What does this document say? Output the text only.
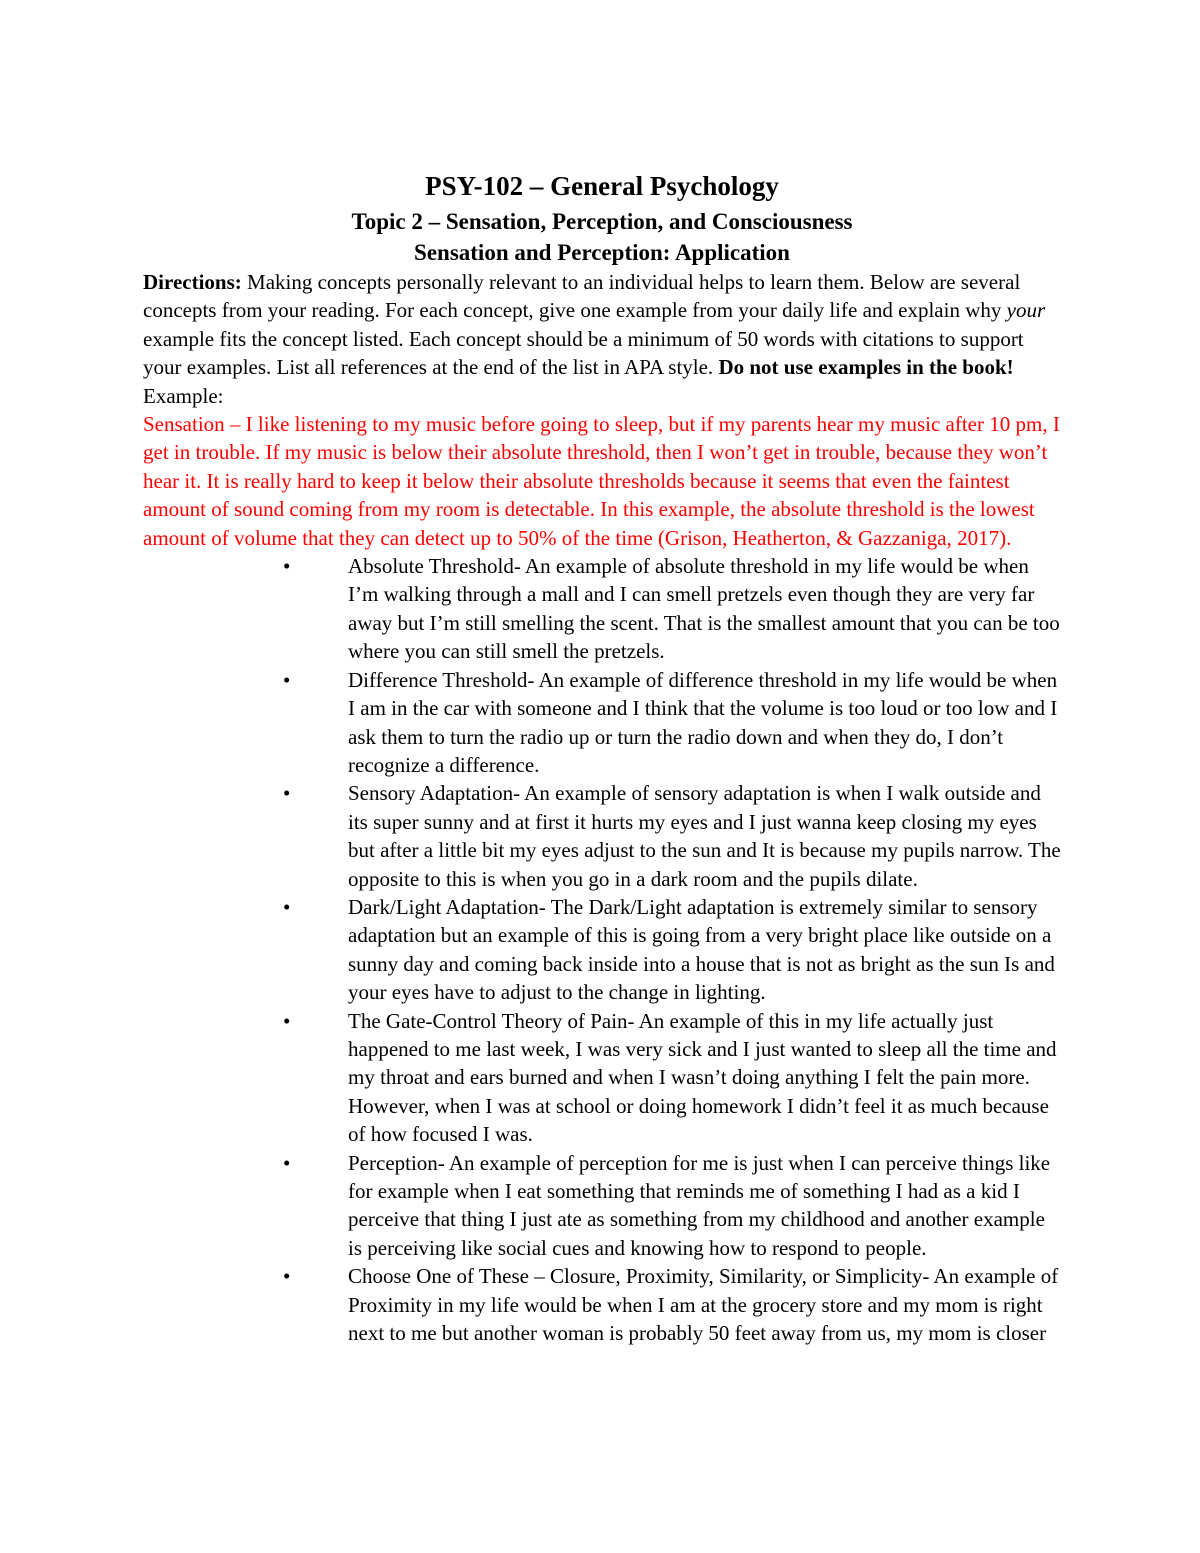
PSY-102 – General Psychology
Topic 2 – Sensation, Perception, and Consciousness
Sensation and Perception: Application

Directions: Making concepts personally relevant to an individual helps to learn them. Below are several concepts from your reading. For each concept, give one example from your daily life and explain why your example fits the concept listed. Each concept should be a minimum of 50 words with citations to support your examples. List all references at the end of the list in APA style. Do not use examples in the book!

Example:

Sensation – I like listening to my music before going to sleep, but if my parents hear my music after 10 pm, I get in trouble. If my music is below their absolute threshold, then I won’t get in trouble, because they won’t hear it. It is really hard to keep it below their absolute thresholds because it seems that even the faintest amount of sound coming from my room is detectable. In this example, the absolute threshold is the lowest amount of volume that they can detect up to 50% of the time (Grison, Heatherton, & Gazzaniga, 2017).

•	Absolute Threshold- An example of absolute threshold in my life would be when I’m walking through a mall and I can smell pretzels even though they are very far away but I’m still smelling the scent. That is the smallest amount that you can be too where you can still smell the pretzels.
•	Difference Threshold- An example of difference threshold in my life would be when I am in the car with someone and I think that the volume is too loud or too low and I ask them to turn the radio up or turn the radio down and when they do, I don’t recognize a difference.
•	Sensory Adaptation- An example of sensory adaptation is when I walk outside and its super sunny and at first it hurts my eyes and I just wanna keep closing my eyes but after a little bit my eyes adjust to the sun and It is because my pupils narrow. The opposite to this is when you go in a dark room and the pupils dilate.
•	Dark/Light Adaptation- The Dark/Light adaptation is extremely similar to sensory adaptation but an example of this is going from a very bright place like outside on a sunny day and coming back inside into a house that is not as bright as the sun Is and your eyes have to adjust to the change in lighting.
•	The Gate-Control Theory of Pain- An example of this in my life actually just happened to me last week, I was very sick and I just wanted to sleep all the time and my throat and ears burned and when I wasn’t doing anything I felt the pain more. However, when I was at school or doing homework I didn’t feel it as much because of how focused I was.
•	Perception- An example of perception for me is just when I can perceive things like for example when I eat something that reminds me of something I had as a kid I perceive that thing I just ate as something from my childhood and another example is perceiving like social cues and knowing how to respond to people.
•	Choose One of These – Closure, Proximity, Similarity, or Simplicity- An example of Proximity in my life would be when I am at the grocery store and my mom is right next to me but another woman is probably 50 feet away from us, my mom is closer
